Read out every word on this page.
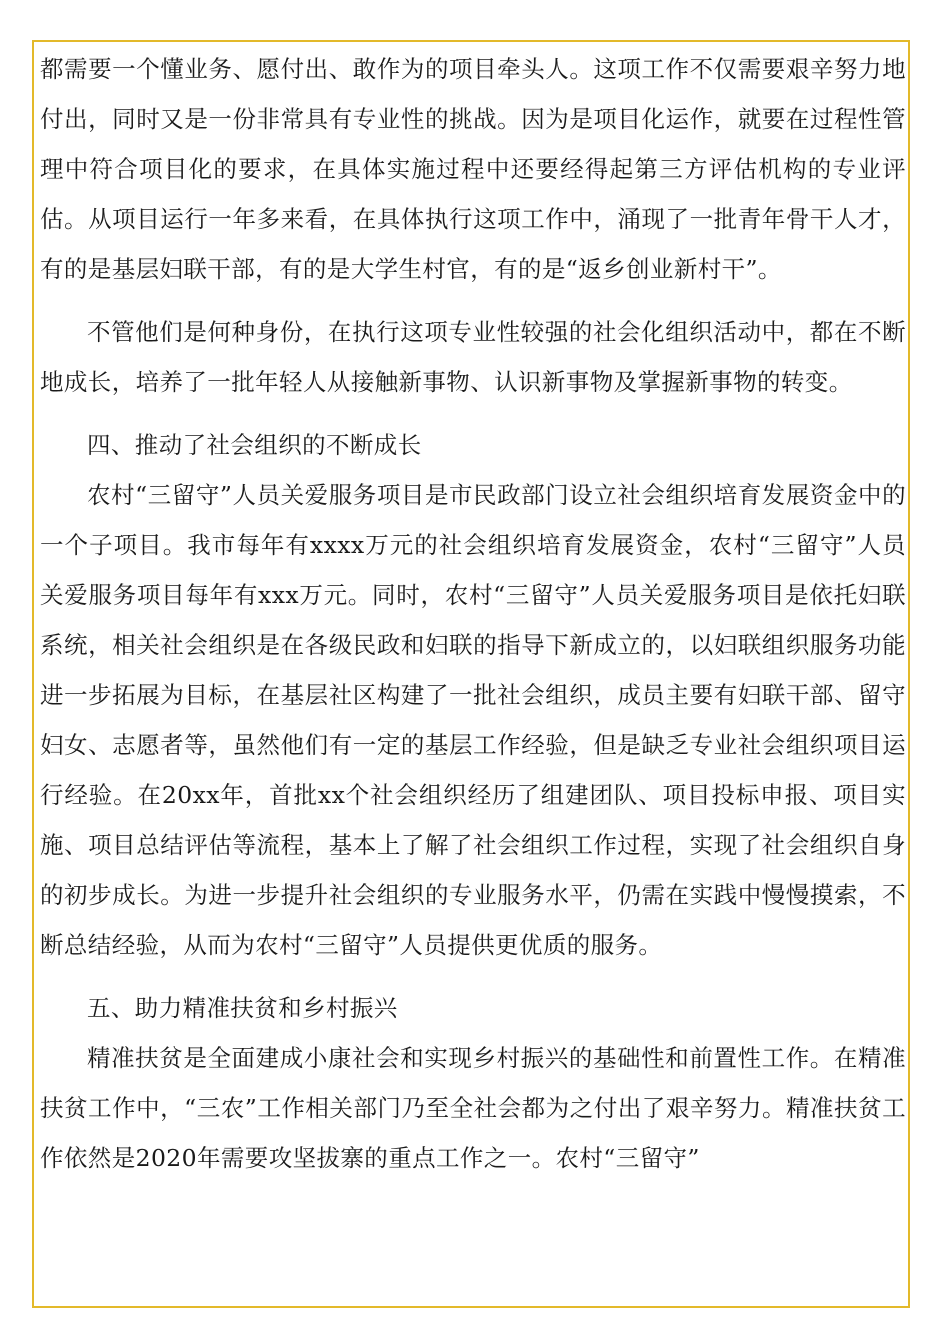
都需要一个懂业务、愿付出、敢作为的项目牵头人。这项工作不仅需要艰辛努力地付出，同时又是一份非常具有专业性的挑战。因为是项目化运作，就要在过程性管理中符合项目化的要求，在具体实施过程中还要经得起第三方评估机构的专业评估。从项目运行一年多来看，在具体执行这项工作中，涌现了一批青年骨干人才，有的是基层妇联干部，有的是大学生村官，有的是“返乡创业新村干”。

不管他们是何种身份，在执行这项专业性较强的社会化组织活动中，都在不断地成长，培养了一批年轻人从接触新事物、认识新事物及掌握新事物的转变。

四、推动了社会组织的不断成长

农村“三留守”人员关爱服务项目是市民政部门设立社会组织培育发展资金中的一个子项目。我市每年有xxxx万元的社会组织培育发展资金，农村“三留守”人员关爱服务项目每年有xxx万元。同时，农村“三留守”人员关爱服务项目是依托妇联系统，相关社会组织是在各级民政和妇联的指导下新成立的，以妇联组织服务功能进一步拓展为目标，在基层社区构建了一批社会组织，成员主要有妇联干部、留守妇女、志愿者等，虽然他们有一定的基层工作经验，但是缺乏专业社会组织项目运行经验。在20xx年，首批xx个社会组织经历了组建团队、项目投标申报、项目实施、项目总结评估等流程，基本上了解了社会组织工作过程，实现了社会组织自身的初步成长。为进一步提升社会组织的专业服务水平，仍需在实践中慢慢摸索，不断总结经验，从而为农村“三留守”人员提供更优质的服务。

五、助力精准扶贫和乡村振兴

精准扶贫是全面建成小康社会和实现乡村振兴的基础性和前置性工作。在精准扶贫工作中，“三农”工作相关部门乃至全社会都为之付出了艰辛努力。精准扶贫工作依然是2020年需要攻坚拔寨的重点工作之一。农村“三留守”
